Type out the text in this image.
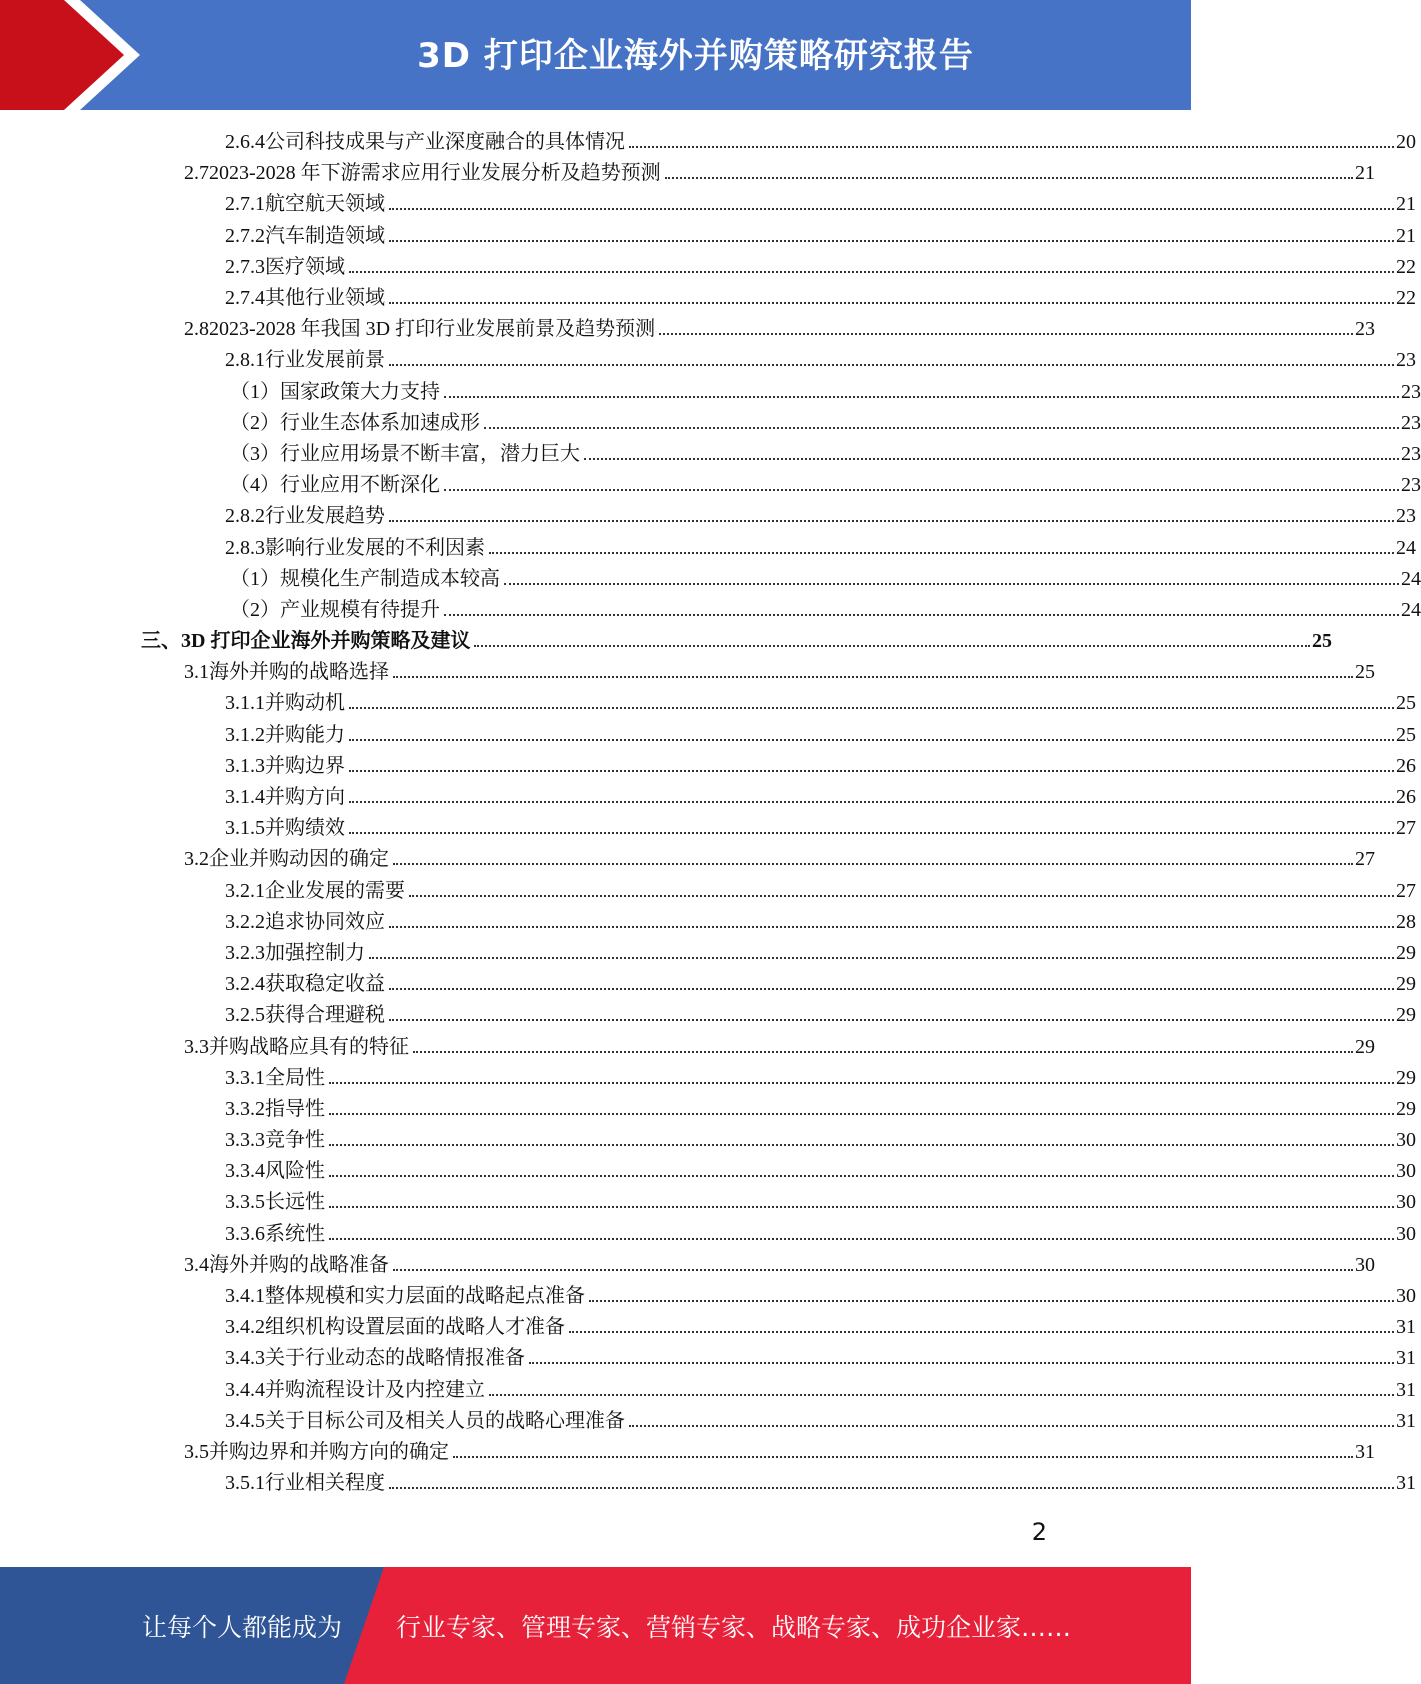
3D 打印企业海外并购策略研究报告
2.6.4 公司科技成果与产业深度融合的具体情况	20
2.7 2023-2028 年下游需求应用行业发展分析及趋势预测	21
2.7.1 航空航天领域	21
2.7.2 汽车制造领域	21
2.7.3 医疗领域	22
2.7.4 其他行业领域	22
2.8 2023-2028 年我国 3D 打印行业发展前景及趋势预测	23
2.8.1 行业发展前景	23
（1） 国家政策大力支持	23
（2） 行业生态体系加速成形	23
（3） 行业应用场景不断丰富，潜力巨大	23
（4） 行业应用不断深化	23
2.8.2 行业发展趋势	23
2.8.3 影响行业发展的不利因素	24
（1） 规模化生产制造成本较高	24
（2） 产业规模有待提升	24
三、 3D 打印企业海外并购策略及建议	25
3.1 海外并购的战略选择	25
3.1.1 并购动机	25
3.1.2 并购能力	25
3.1.3 并购边界	26
3.1.4 并购方向	26
3.1.5 并购绩效	27
3.2 企业并购动因的确定	27
3.2.1 企业发展的需要	27
3.2.2 追求协同效应	28
3.2.3 加强控制力	29
3.2.4 获取稳定收益	29
3.2.5 获得合理避税	29
3.3 并购战略应具有的特征	29
3.3.1 全局性	29
3.3.2 指导性	29
3.3.3 竞争性	30
3.3.4 风险性	30
3.3.5 长远性	30
3.3.6 系统性	30
3.4 海外并购的战略准备	30
3.4.1 整体规模和实力层面的战略起点准备	30
3.4.2 组织机构设置层面的战略人才准备	31
3.4.3 关于行业动态的战略情报准备	31
3.4.4 并购流程设计及内控建立	31
3.4.5 关于目标公司及相关人员的战略心理准备	31
3.5 并购边界和并购方向的确定	31
3.5.1 行业相关程度	31
2
让每个人都能成为 行业专家、管理专家、营销专家、战略专家、成功企业家……
